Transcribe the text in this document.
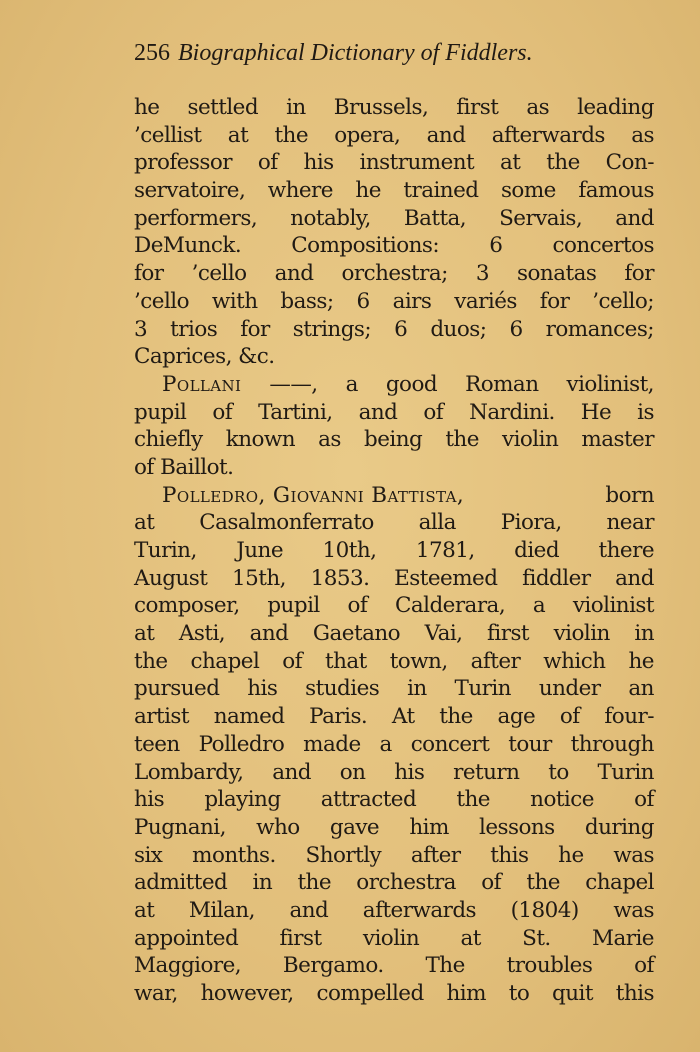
256 Biographical Dictionary of Fiddlers.
he settled in Brussels, first as leading
’cellist at the opera, and afterwards as
professor of his instrument at the Con-
servatoire, where he trained some famous
performers, notably, Batta, Servais, and
DeMunck. Compositions: 6 concertos
for ’cello and orchestra; 3 sonatas for
’cello with bass; 6 airs variés for ’cello;
3 trios for strings; 6 duos; 6 romances;
Caprices, &c.
Pollani ——, a good Roman violinist,
pupil of Tartini, and of Nardini. He is
chiefly known as being the violin master
of Baillot.
Polledro, Giovanni Battista,	born
at Casalmonferrato alla Piora, near
Turin, June 10th, 1781, died there
August 15th, 1853. Esteemed fiddler and
composer, pupil of Calderara, a violinist
at Asti, and Gaetano Vai, first violin in
the chapel of that town, after which he
pursued his studies in Turin under an
artist named Paris. At the age of four-
teen Polledro made a concert tour through
Lombardy, and on his return to Turin
his playing attracted the notice of
Pugnani, who gave him lessons during
six months. Shortly after this he was
admitted in the orchestra of the chapel
at Milan, and afterwards (1804) was
appointed first violin at St. Marie
Maggiore, Bergamo. The troubles of
war, however, compelled him to quit this
